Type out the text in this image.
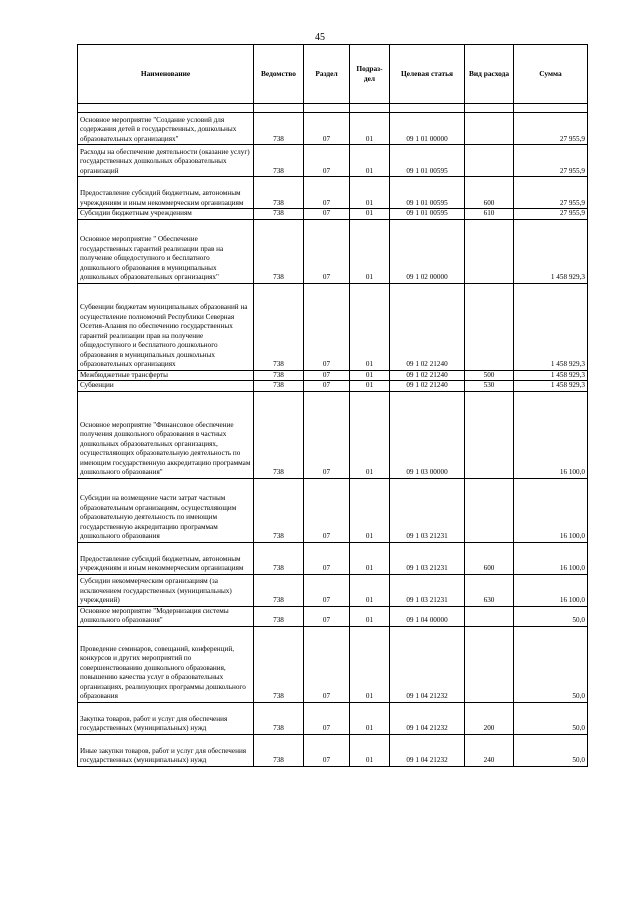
45
Наименование	Ведомство	Раздел	Подраз-дел	Целевая статья	Вид расхода	Сумма

Основное мероприятие "Создание условий для содержания детей в государственных, дошкольных образовательных организациях"	738	07	01	09 1 01 00000		27 955,9
Расходы на обеспечение деятельности (оказание услуг) государственных дошкольных образовательных организаций	738	07	01	09 1 01 00595		27 955,9
Предоставление субсидий бюджетным, автономным учреждениям и иным некоммерческим организациям	738	07	01	09 1 01 00595	600	27 955,9
Субсидии бюджетным учреждениям	738	07	01	09 1 01 00595	610	27 955,9
Основное мероприятие " Обеспечение государственных гарантий реализации прав на получение общедоступного и бесплатного дошкольного образования в муниципальных дошкольных образовательных организациях"	738	07	01	09 1 02 00000		1 458 929,3
Субвенции бюджетам муниципальных образований на осуществление полномочий Республики Северная Осетия-Алания по обеспечению государственных гарантий реализации прав на получение общедоступного и бесплатного дошкольного образования в муниципальных дошкольных образовательных организациях	738	07	01	09 1 02 21240		1 458 929,3
Межбюджетные трансферты	738	07	01	09 1 02 21240	500	1 458 929,3
Субвенции	738	07	01	09 1 02 21240	530	1 458 929,3
Основное мероприятие "Финансовое обеспечение получения дошкольного образования в частных дошкольных образовательных организациях, осуществляющих образовательную деятельность по имеющим государственную аккредитацию программам дошкольного образования"	738	07	01	09 1 03 00000		16 100,0
Субсидии на возмещение части затрат частным образовательным организациям, осуществляющим образовательную деятельность по имеющим государственную аккредитацию программам дошкольного образования	738	07	01	09 1 03 21231		16 100,0
Предоставление субсидий бюджетным, автономным учреждениям и иным некоммерческим организациям	738	07	01	09 1 03 21231	600	16 100,0
Субсидии некоммерческим организациям (за исключением государственных (муниципальных) учреждений)	738	07	01	09 1 03 21231	630	16 100,0
Основное мероприятие "Модернизация системы дошкольного образования"	738	07	01	09 1 04 00000		50,0
Проведение семинаров, совещаний, конференций, конкурсов и других мероприятий по совершенствованию дошкольного образования, повышению качества услуг в образовательных организациях, реализующих программы дошкольного образования	738	07	01	09 1 04 21232		50,0
Закупка товаров, работ и услуг для обеспечения государственных (муниципальных) нужд	738	07	01	09 1 04 21232	200	50,0
Иные закупки товаров, работ и услуг для обеспечения государственных (муниципальных) нужд	738	07	01	09 1 04 21232	240	50,0
